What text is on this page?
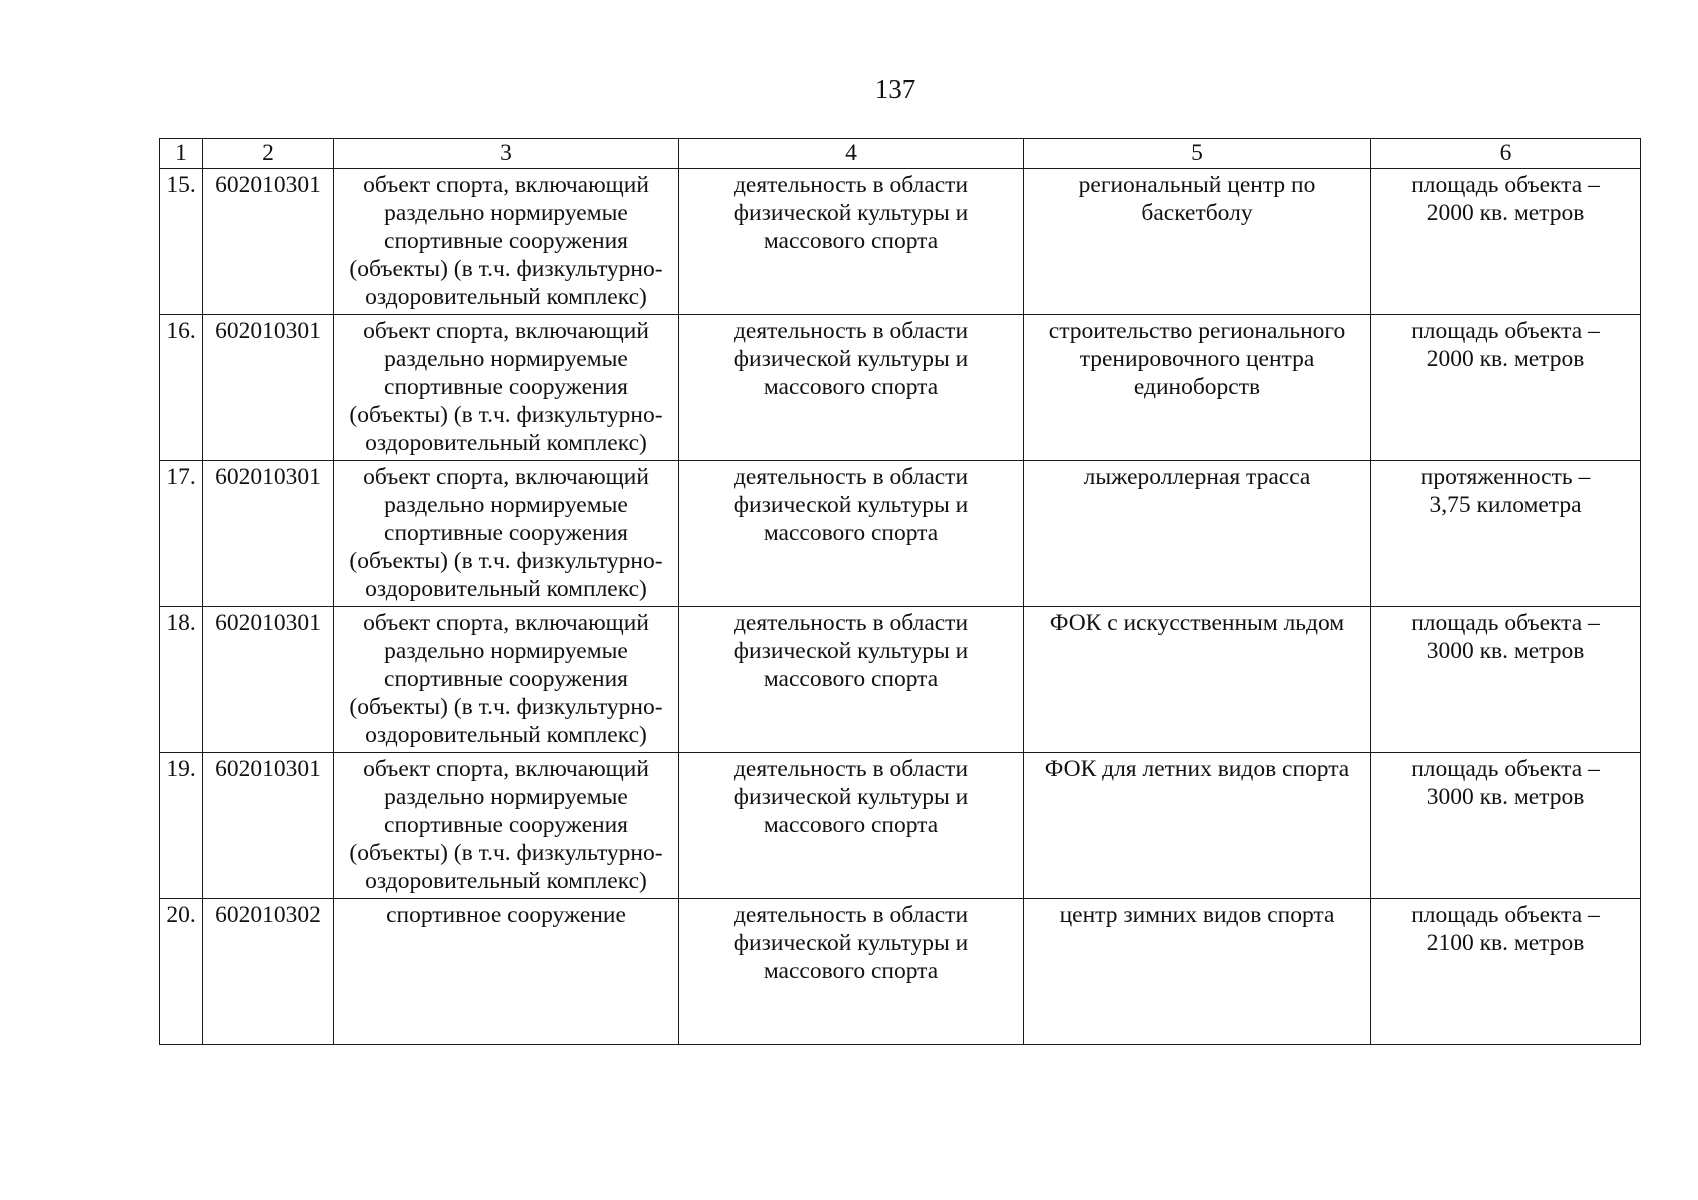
137
1	2	3	4	5	6

15.	602010301	объект спорта, включающий
раздельно нормируемые
спортивные сооружения
(объекты) (в т.ч. физкультурно-
оздоровительный комплекс)	деятельность в области
физической культуры и
массового спорта	региональный центр по
баскетболу	площадь объекта –
2000 кв. метров

16.	602010301	объект спорта, включающий
раздельно нормируемые
спортивные сооружения
(объекты) (в т.ч. физкультурно-
оздоровительный комплекс)	деятельность в области
физической культуры и
массового спорта	строительство регионального
тренировочного центра
единоборств	площадь объекта –
2000 кв. метров

17.	602010301	объект спорта, включающий
раздельно нормируемые
спортивные сооружения
(объекты) (в т.ч. физкультурно-
оздоровительный комплекс)	деятельность в области
физической культуры и
массового спорта	лыжероллерная трасса	протяженность –
3,75 километра

18.	602010301	объект спорта, включающий
раздельно нормируемые
спортивные сооружения
(объекты) (в т.ч. физкультурно-
оздоровительный комплекс)	деятельность в области
физической культуры и
массового спорта	ФОК с искусственным льдом	площадь объекта –
3000 кв. метров

19.	602010301	объект спорта, включающий
раздельно нормируемые
спортивные сооружения
(объекты) (в т.ч. физкультурно-
оздоровительный комплекс)	деятельность в области
физической культуры и
массового спорта	ФОК для летних видов спорта	площадь объекта –
3000 кв. метров

20.	602010302	спортивное сооружение	деятельность в области
физической культуры и
массового спорта	центр зимних видов спорта	площадь объекта –
2100 кв. метров
